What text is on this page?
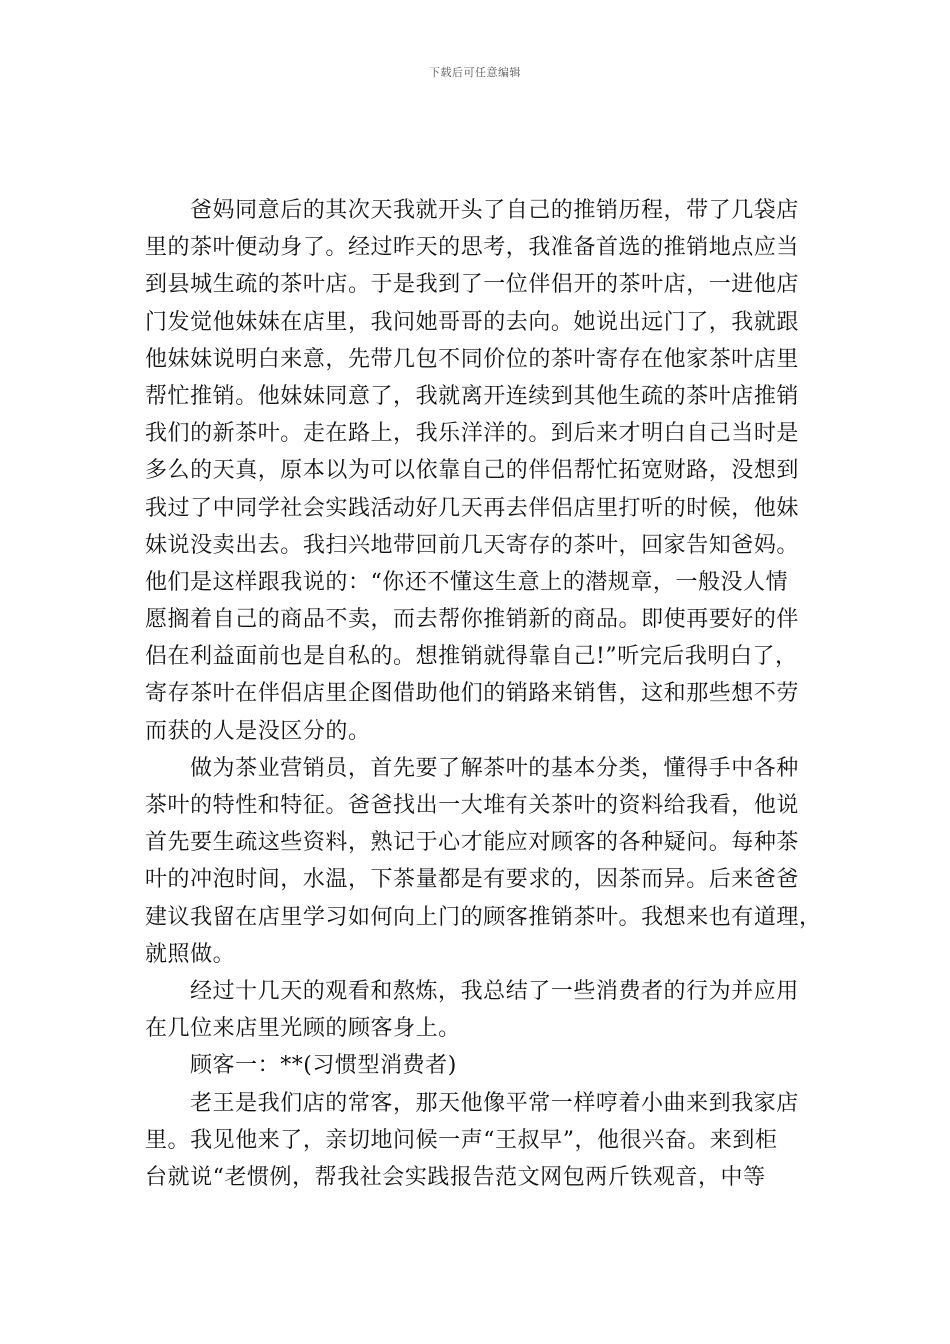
下载后可任意编辑
爸妈同意后的其次天我就开头了自己的推销历程，带了几袋店
里的茶叶便动身了。经过昨天的思考，我准备首选的推销地点应当
到县城生疏的茶叶店。于是我到了一位伴侣开的茶叶店，一进他店
门发觉他妹妹在店里，我问她哥哥的去向。她说出远门了，我就跟
他妹妹说明白来意，先带几包不同价位的茶叶寄存在他家茶叶店里
帮忙推销。他妹妹同意了，我就离开连续到其他生疏的茶叶店推销
我们的新茶叶。走在路上，我乐洋洋的。到后来才明白自己当时是
多么的天真，原本以为可以依靠自己的伴侣帮忙拓宽财路，没想到
我过了中同学社会实践活动好几天再去伴侣店里打听的时候，他妹
妹说没卖出去。我扫兴地带回前几天寄存的茶叶，回家告知爸妈。
他们是这样跟我说的：“你还不懂这生意上的潜规章，一般没人情
愿搁着自己的商品不卖，而去帮你推销新的商品。即使再要好的伴
侣在利益面前也是自私的。想推销就得靠自己!”听完后我明白了，
寄存茶叶在伴侣店里企图借助他们的销路来销售，这和那些想不劳
而获的人是没区分的。
做为茶业营销员，首先要了解茶叶的基本分类，懂得手中各种
茶叶的特性和特征。爸爸找出一大堆有关茶叶的资料给我看，他说
首先要生疏这些资料，熟记于心才能应对顾客的各种疑问。每种茶
叶的冲泡时间，水温，下茶量都是有要求的，因茶而异。后来爸爸
建议我留在店里学习如何向上门的顾客推销茶叶。我想来也有道理，
就照做。
经过十几天的观看和熬炼，我总结了一些消费者的行为并应用
在几位来店里光顾的顾客身上。
顾客一：**(习惯型消费者)
老王是我们店的常客，那天他像平常一样哼着小曲来到我家店
里。我见他来了，亲切地问候一声“王叔早”，他很兴奋。来到柜
台就说“老惯例，帮我社会实践报告范文网包两斤铁观音，中等
